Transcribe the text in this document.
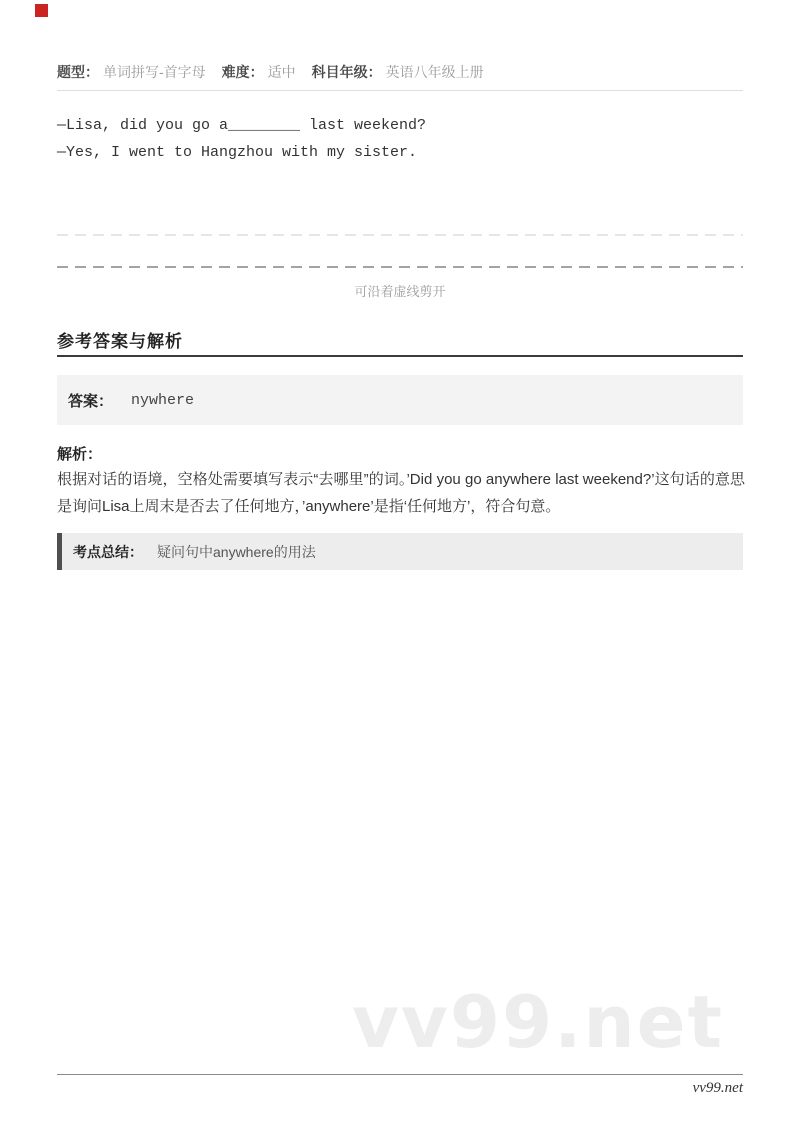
题型： 单词拼写-首字母 难度： 适中 科目年级： 英语八年级上册
—Lisa, did you go a________ last weekend?
—Yes, I went to Hangzhou with my sister.
可沿着虚线剪开
参考答案与解析
答案： nywhere
解析：
根据对话的语境，空格处需要填写表示“去哪里”的词。’Did you go anywhere last weekend?’这句话的意思是询问Lisa上周末是否去了任何地方，’anywhere’是指‘任何地方’，符合句意。
考点总结： 疑问句中anywhere的用法
vv99.net
vv99.net
